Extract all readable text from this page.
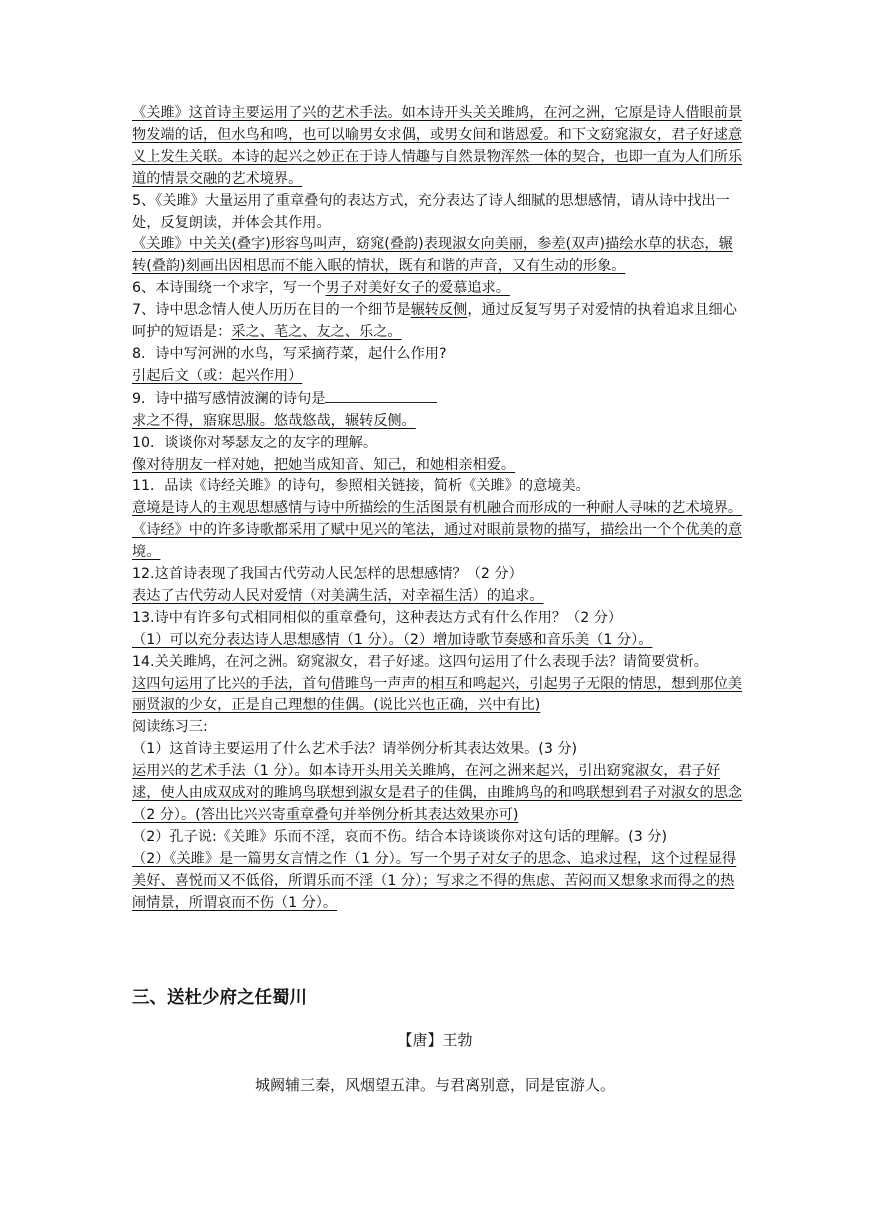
《关雎》这首诗主要运用了兴的艺术手法。如本诗开头关关雎鸠，在河之洲，它原是诗人借眼前景物发端的话，但水鸟和鸣，也可以喻男女求偶，或男女间和谐恩爱。和下文窈窕淑女，君子好逑意义上发生关联。本诗的起兴之妙正在于诗人情趣与自然景物浑然一体的契合，也即一直为人们所乐道的情景交融的艺术境界。

5、《关雎》大量运用了重章叠句的表达方式，充分表达了诗人细腻的思想感情，请从诗中找出一处，反复朗读，并体会其作用。

《关雎》中关关(叠字)形容鸟叫声，窈窕(叠韵)表现淑女向美丽，参差(双声)描绘水草的状态，辗转(叠韵)刻画出因相思而不能入眠的情状，既有和谐的声音，又有生动的形象。

6、本诗围绕一个求字，写一个男子对美好女子的爱慕追求。

7、诗中思念情人使人历历在目的一个细节是辗转反侧，通过反复写男子对爱情的执着追求且细心呵护的短语是：采之、芼之、友之、乐之。

8．诗中写河洲的水鸟，写采摘荇菜，起什么作用?

引起后文（或：起兴作用）

9．诗中描写感情波澜的诗句是

求之不得，寤寐思服。悠哉悠哉，辗转反侧。

10．谈谈你对琴瑟友之的友字的理解。

像对待朋友一样对她，把她当成知音、知己，和她相亲相爱。

11．品读《诗经关雎》的诗句，参照相关链接，简析《关雎》的意境美。

意境是诗人的主观思想感情与诗中所描绘的生活图景有机融合而形成的一种耐人寻味的艺术境界。《诗经》中的许多诗歌都采用了赋中见兴的笔法，通过对眼前景物的描写，描绘出一个个优美的意境。

12.这首诗表现了我国古代劳动人民怎样的思想感情？（2 分）

表达了古代劳动人民对爱情（对美满生活，对幸福生活）的追求。

13.诗中有许多句式相同相似的重章叠句，这种表达方式有什么作用？（2 分）

（1）可以充分表达诗人思想感情（1 分）。（2）增加诗歌节奏感和音乐美（1 分）。

14.关关雎鸠，在河之洲。窈窕淑女，君子好逑。这四句运用了什么表现手法？请简要赏析。

这四句运用了比兴的手法，首句借雎鸟一声声的相互和鸣起兴，引起男子无限的情思，想到那位美丽贤淑的少女，正是自己理想的佳偶。(说比兴也正确，兴中有比)

阅读练习三:

（1）这首诗主要运用了什么艺术手法？请举例分析其表达效果。(3 分)

运用兴的艺术手法（1 分）。如本诗开头用关关雎鸠，在河之洲来起兴，引出窈窕淑女，君子好逑，使人由成双成对的雎鸠鸟联想到淑女是君子的佳偶，由雎鸠鸟的和鸣联想到君子对淑女的思念（2 分）。(答出比兴兴寄重章叠句并举例分析其表达效果亦可)

（2）孔子说:《关雎》乐而不淫，哀而不伤。结合本诗谈谈你对这句话的理解。(3 分)

（2）《关雎》是一篇男女言情之作（1 分）。写一个男子对女子的思念、追求过程，这个过程显得美好、喜悦而又不低俗，所谓乐而不淫（1 分）；写求之不得的焦虑、苦闷而又想象求而得之的热闹情景，所谓哀而不伤（1 分）。

三、送杜少府之任蜀川
【唐】王勃
城阙辅三秦，风烟望五津。与君离别意，同是宦游人。
